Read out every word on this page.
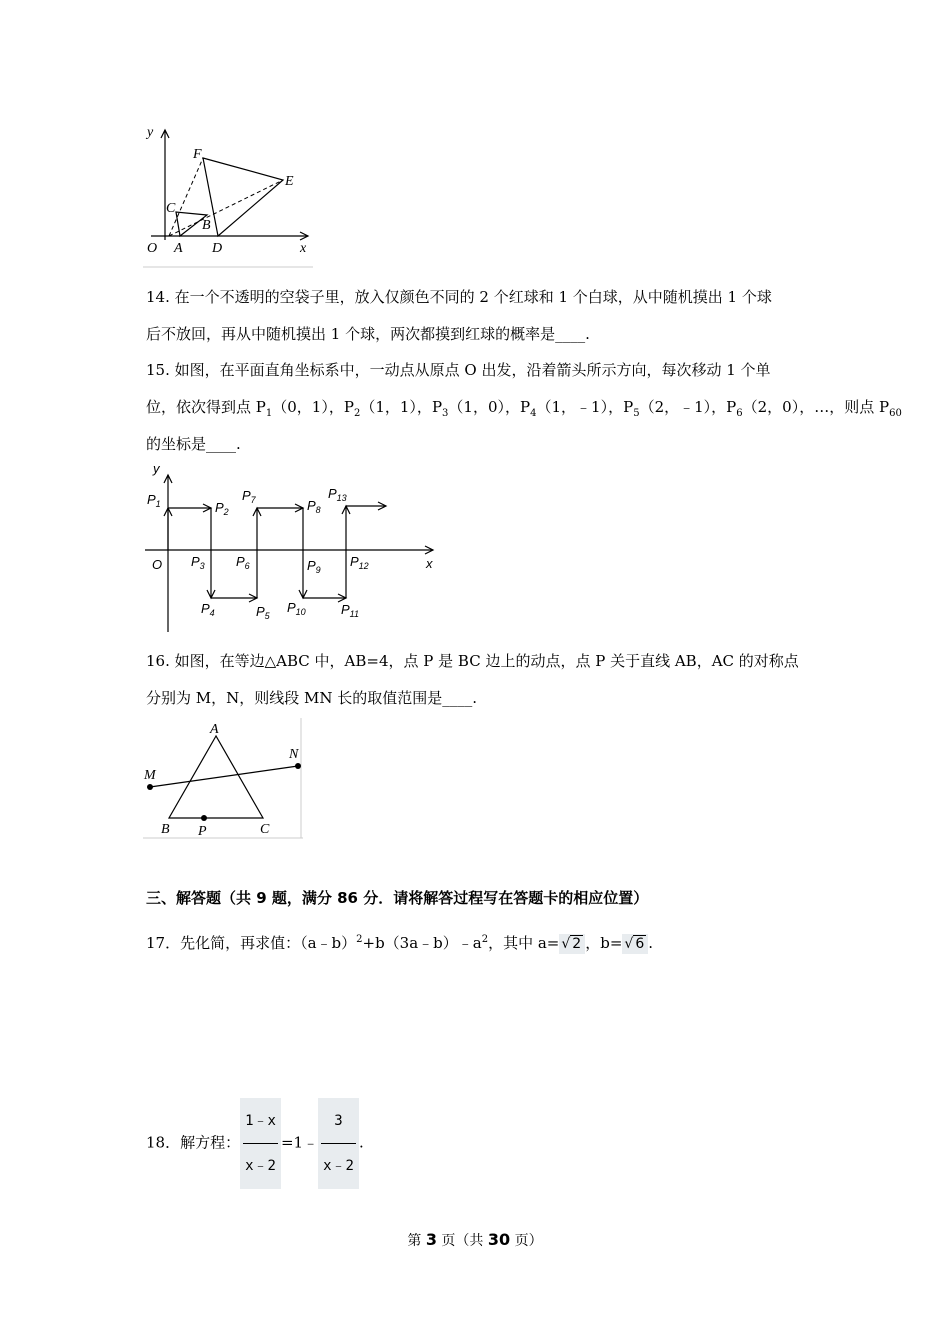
y
F
E
C
B
O A D	x
14. 在一个不透明的空袋子里，放入仅颜色不同的 2 个红球和 1 个白球，从中随机摸出 1 个球
后不放回，再从中随机摸出 1 个球，两次都摸到红球的概率是____.
15. 如图，在平面直角坐标系中，一动点从原点 O 出发，沿着箭头所示方向，每次移动 1 个单
位，依次得到点 $P_1(0$，1），$P_2(1$，1），$P_3(1$，0），$P_4(1$，﹣1），$P_5(2$，﹣1），$P_6(2$，0），…，则点 $P_{60}$
的坐标是____.
y
x
O
$P_1$	$P_2$
$P_3$
$P_4$	$P_5$
$P_6$
$P_7$	$P_8$
$P_9$
$P_{10}$	$P_{11}$
$P_{12}$
$P_{13}$
16. 如图，在等边△ABC 中，AB=4，点 P 是 BC 边上的动点，点 P 关于直线 AB，AC 的对称点
分别为 M，N，则线段 MN 长的取值范围是____.
A
M
N
B P	C
三、解答题（共 9 题，满分 86 分．请将解答过程写在答题卡的相应位置）
17．先化简，再求值：$(a﹣b)^2+b(3a﹣b)﹣a^2$，其中 a= √ 2 ，b= √ 6 .
18．解方程： $\frac{1﹣x}{x﹣2}$ =1﹣ $\frac{3}{x﹣2}$ .
第 3 页（共 30 页）
